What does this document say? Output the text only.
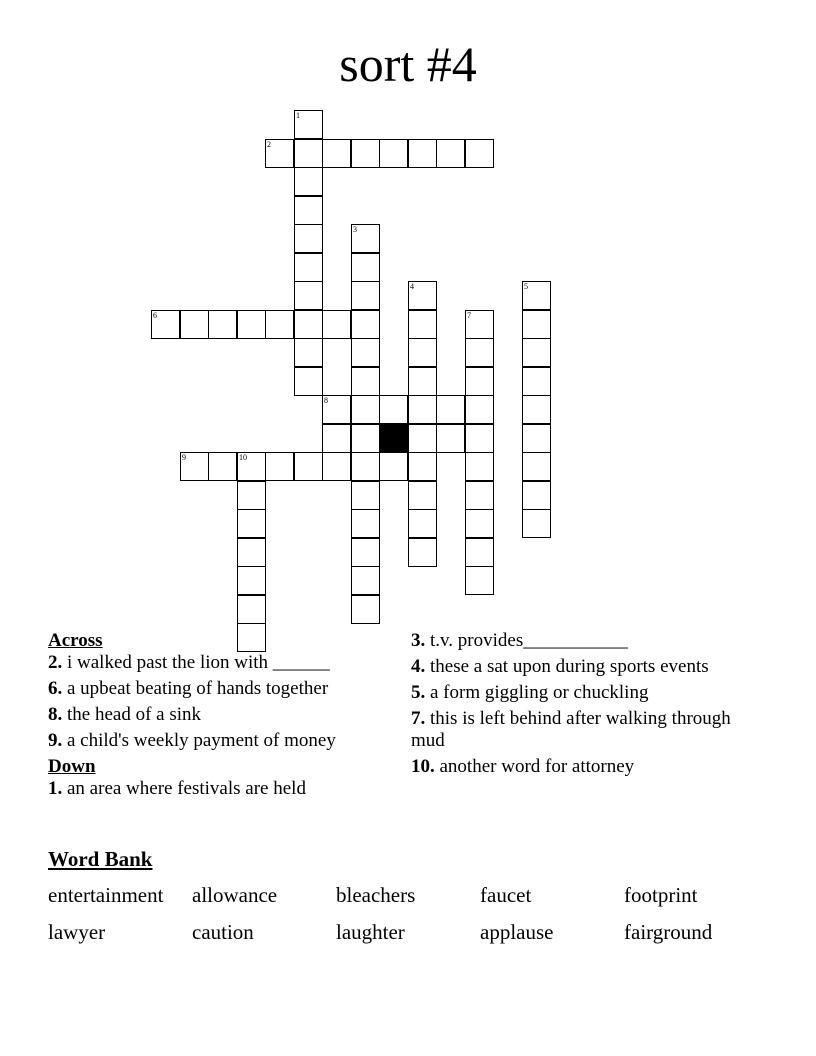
sort #4
1
2
3
4	5
6	7
8
9	10

Across

2. i walked past the lion with ______

6. a upbeat beating of hands together

8. the head of a sink

9. a child's weekly payment of money

Down

1. an area where festivals are held

3. t.v. provides___________

4. these a sat upon during sports events

5. a form giggling or chuckling

7. this is left behind after walking through mud

10. another word for attorney

Word Bank
entertainment	allowance	bleachers	faucet	footprint
lawyer	caution	laughter	applause	fairground
